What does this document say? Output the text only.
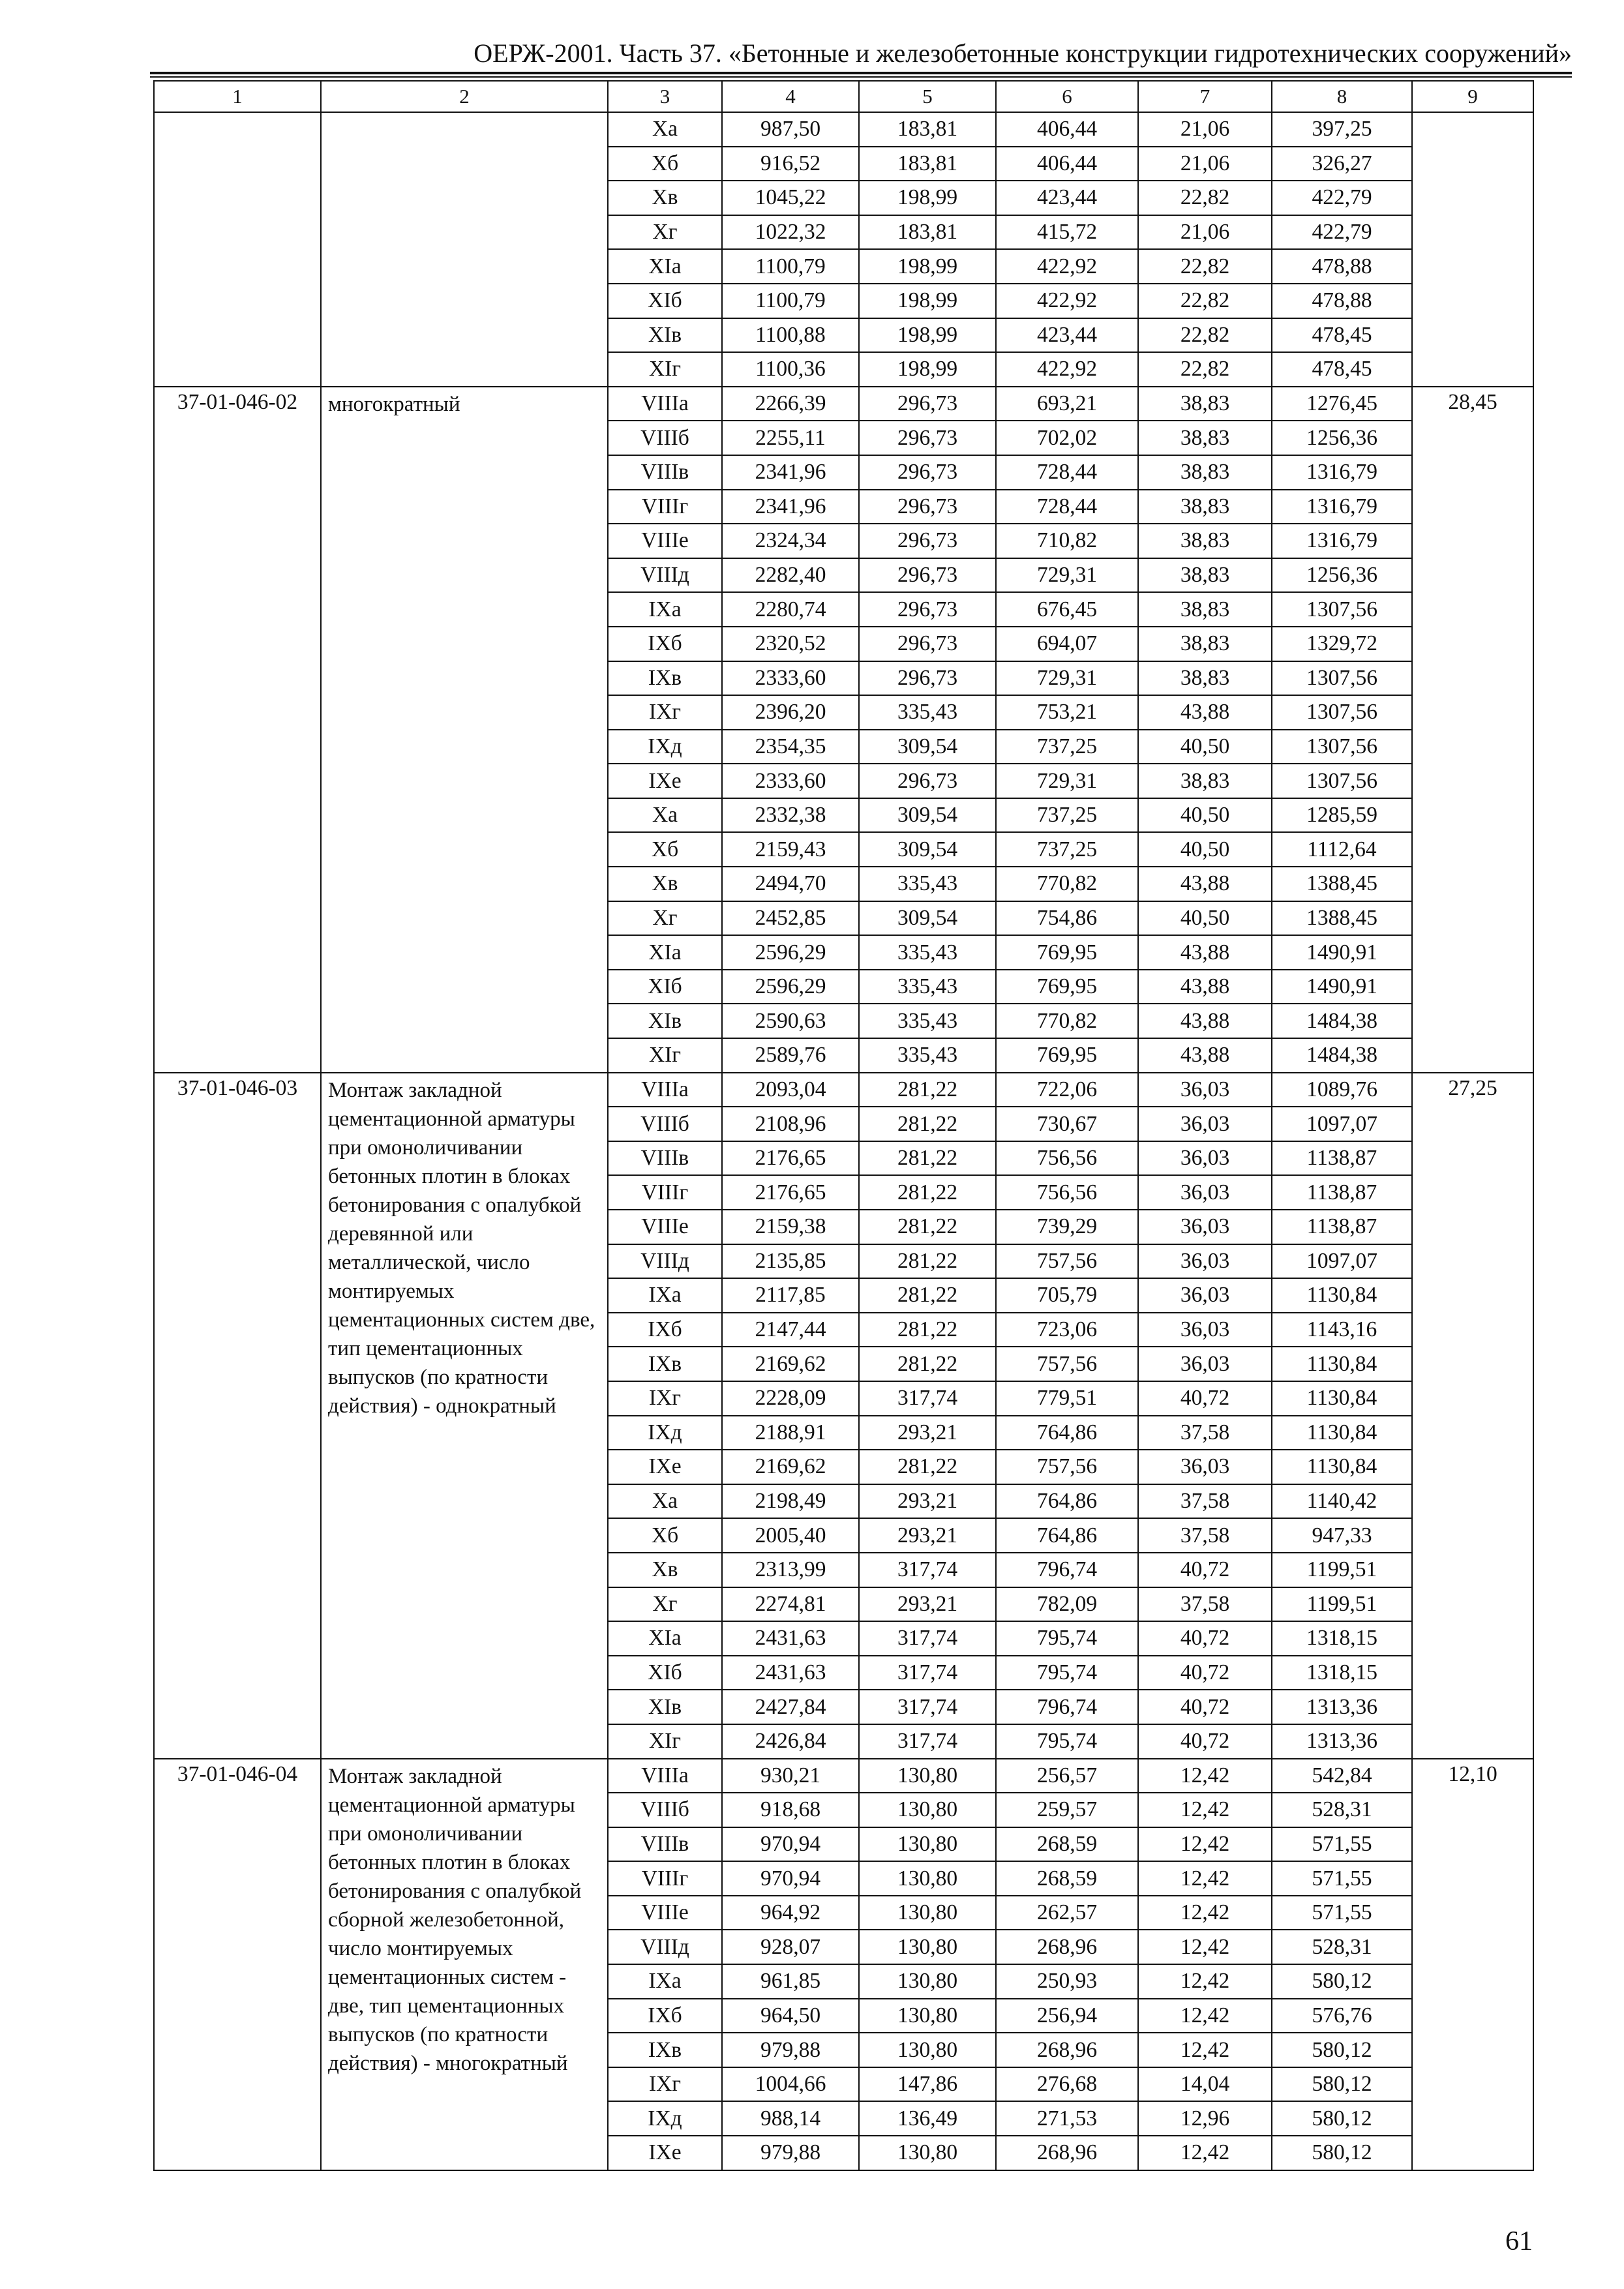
ОЕРЖ-2001. Часть 37. «Бетонные и железобетонные конструкции гидротехнических сооружений»
1	2	3	4	5	6	7	8	9
		Xa	987,50	183,81	406,44	21,06	397,25	
		Xб	916,52	183,81	406,44	21,06	326,27	
		Xв	1045,22	198,99	423,44	22,82	422,79	
		Xг	1022,32	183,81	415,72	21,06	422,79	
		XIa	1100,79	198,99	422,92	22,82	478,88	
		XIб	1100,79	198,99	422,92	22,82	478,88	
		XIв	1100,88	198,99	423,44	22,82	478,45	
		XIг	1100,36	198,99	422,92	22,82	478,45	
37-01-046-02	многократный	VIIIa	2266,39	296,73	693,21	38,83	1276,45	28,45
		VIIIб	2255,11	296,73	702,02	38,83	1256,36	
		VIIIв	2341,96	296,73	728,44	38,83	1316,79	
		VIIIг	2341,96	296,73	728,44	38,83	1316,79	
		VIIIе	2324,34	296,73	710,82	38,83	1316,79	
		VIIIд	2282,40	296,73	729,31	38,83	1256,36	
		IXa	2280,74	296,73	676,45	38,83	1307,56	
		IXб	2320,52	296,73	694,07	38,83	1329,72	
		IXв	2333,60	296,73	729,31	38,83	1307,56	
		IXг	2396,20	335,43	753,21	43,88	1307,56	
		IXд	2354,35	309,54	737,25	40,50	1307,56	
		IXе	2333,60	296,73	729,31	38,83	1307,56	
		Xa	2332,38	309,54	737,25	40,50	1285,59	
		Xб	2159,43	309,54	737,25	40,50	1112,64	
		Xв	2494,70	335,43	770,82	43,88	1388,45	
		Xг	2452,85	309,54	754,86	40,50	1388,45	
		XIa	2596,29	335,43	769,95	43,88	1490,91	
		XIб	2596,29	335,43	769,95	43,88	1490,91	
		XIв	2590,63	335,43	770,82	43,88	1484,38	
		XIг	2589,76	335,43	769,95	43,88	1484,38	
37-01-046-03	Монтаж закладной цементационной арматуры при омоноличивании бетонных плотин в блоках бетонирования с опалубкой деревянной или металлической, число монтируемых цементационных систем две, тип цементационных выпусков (по кратности действия) - однократный	VIIIa	2093,04	281,22	722,06	36,03	1089,76	27,25
		VIIIб	2108,96	281,22	730,67	36,03	1097,07	
		VIIIв	2176,65	281,22	756,56	36,03	1138,87	
		VIIIг	2176,65	281,22	756,56	36,03	1138,87	
		VIIIе	2159,38	281,22	739,29	36,03	1138,87	
		VIIIд	2135,85	281,22	757,56	36,03	1097,07	
		IXa	2117,85	281,22	705,79	36,03	1130,84	
		IXб	2147,44	281,22	723,06	36,03	1143,16	
		IXв	2169,62	281,22	757,56	36,03	1130,84	
		IXг	2228,09	317,74	779,51	40,72	1130,84	
		IXд	2188,91	293,21	764,86	37,58	1130,84	
		IXе	2169,62	281,22	757,56	36,03	1130,84	
		Xa	2198,49	293,21	764,86	37,58	1140,42	
		Xб	2005,40	293,21	764,86	37,58	947,33	
		Xв	2313,99	317,74	796,74	40,72	1199,51	
		Xг	2274,81	293,21	782,09	37,58	1199,51	
		XIa	2431,63	317,74	795,74	40,72	1318,15	
		XIб	2431,63	317,74	795,74	40,72	1318,15	
		XIв	2427,84	317,74	796,74	40,72	1313,36	
		XIг	2426,84	317,74	795,74	40,72	1313,36	
37-01-046-04	Монтаж закладной цементационной арматуры при омоноличивании бетонных плотин в блоках бетонирования с опалубкой сборной железобетонной, число монтируемых цементационных систем - две, тип цементационных выпусков (по кратности действия) - многократный	VIIIa	930,21	130,80	256,57	12,42	542,84	12,10
		VIIIб	918,68	130,80	259,57	12,42	528,31	
		VIIIв	970,94	130,80	268,59	12,42	571,55	
		VIIIг	970,94	130,80	268,59	12,42	571,55	
		VIIIе	964,92	130,80	262,57	12,42	571,55	
		VIIIд	928,07	130,80	268,96	12,42	528,31	
		IXa	961,85	130,80	250,93	12,42	580,12	
		IXб	964,50	130,80	256,94	12,42	576,76	
		IXв	979,88	130,80	268,96	12,42	580,12	
		IXг	1004,66	147,86	276,68	14,04	580,12	
		IXд	988,14	136,49	271,53	12,96	580,12	
		IXе	979,88	130,80	268,96	12,42	580,12	
61
